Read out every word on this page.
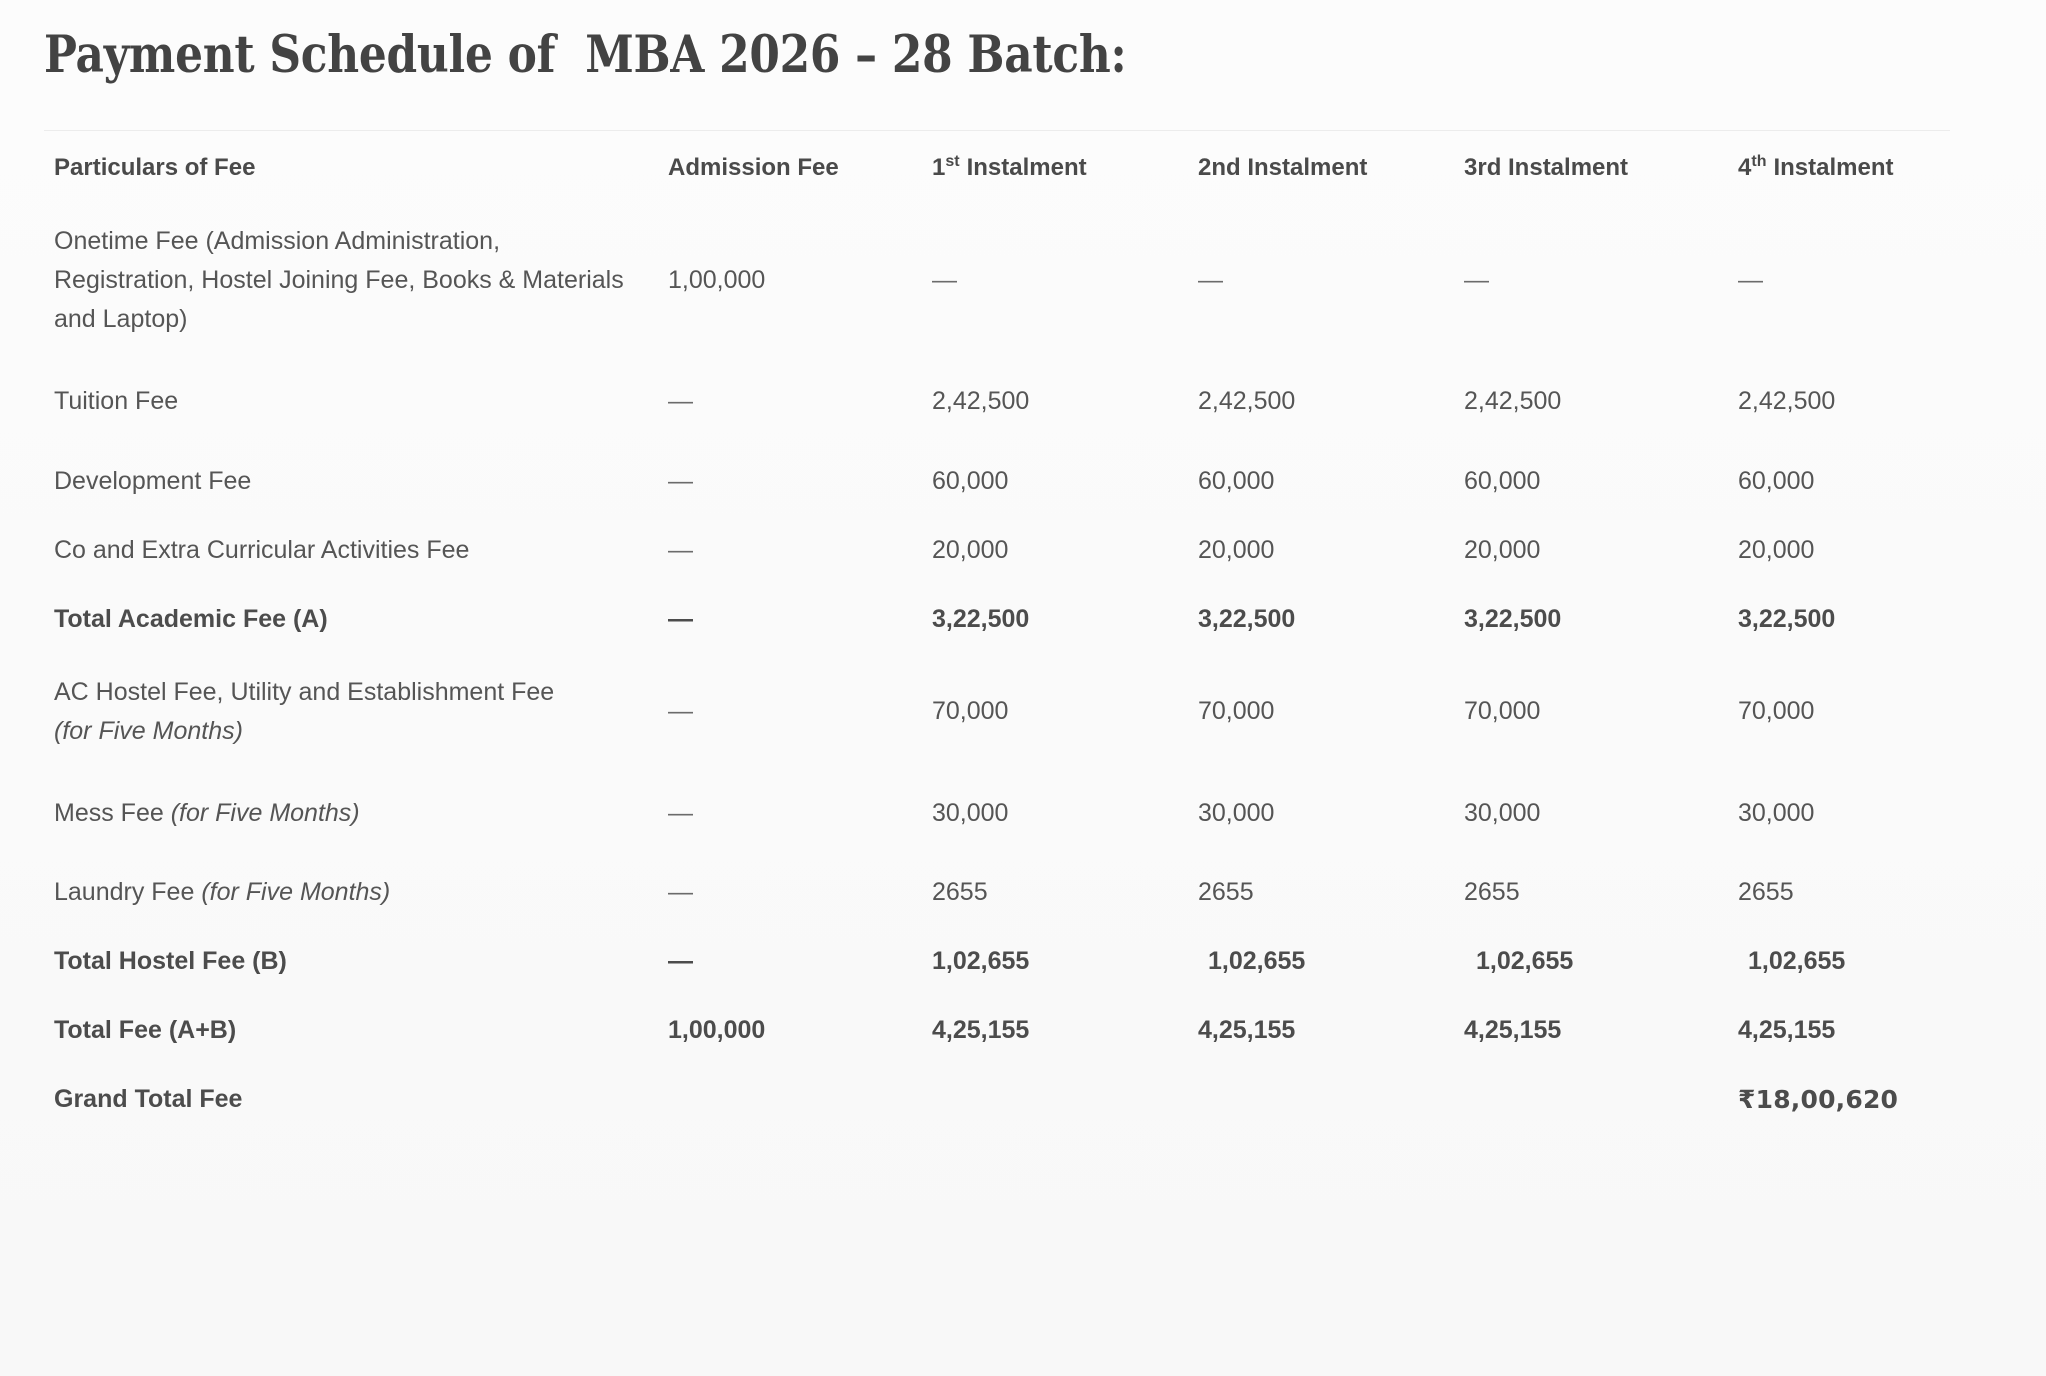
Payment Schedule of  MBA 2026 – 28 Batch:
Particulars of Fee	Admission Fee	1st Instalment	2nd Instalment	3rd Instalment	4th Instalment
Onetime Fee (Admission Administration, Registration, Hostel Joining Fee, Books & Materials and Laptop)	1,00,000	—	—	—	—
Tuition Fee	—	2,42,500	2,42,500	2,42,500	2,42,500
Development Fee	—	60,000	60,000	60,000	60,000
Co and Extra Curricular Activities Fee	—	20,000	20,000	20,000	20,000
Total Academic Fee (A)	—	3,22,500	3,22,500	3,22,500	3,22,500
AC Hostel Fee, Utility and Establishment Fee
(for Five Months)	—	70,000	70,000	70,000	70,000
Mess Fee (for Five Months)	—	30,000	30,000	30,000	30,000
Laundry Fee (for Five Months)	—	2655	2655	2655	2655
Total Hostel Fee (B)	—	1,02,655	1,02,655	1,02,655	1,02,655
Total Fee (A+B)	1,00,000	4,25,155	4,25,155	4,25,155	4,25,155
Grand Total Fee					₹18,00,620
